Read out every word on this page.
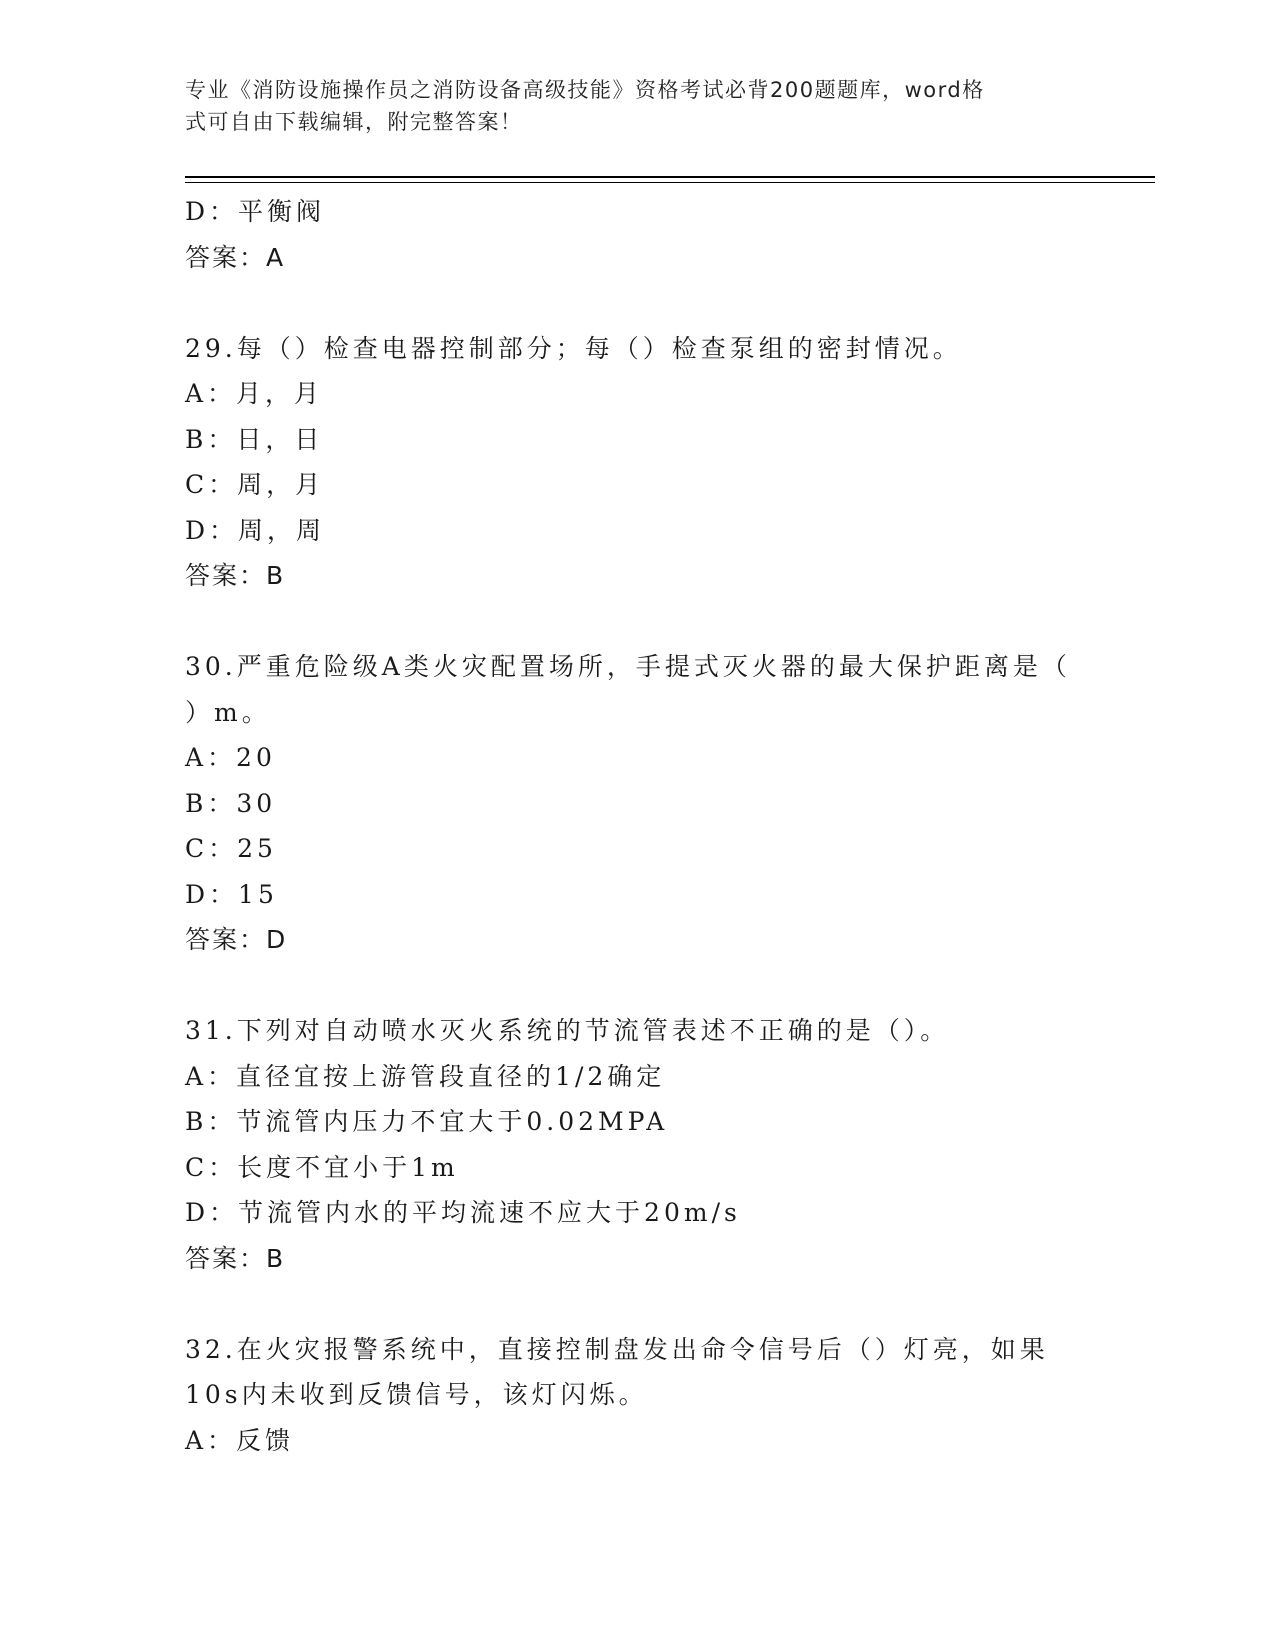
专业《消防设施操作员之消防设备高级技能》资格考试必背200题题库，word格
式可自由下载编辑，附完整答案！
D：平衡阀
答案：A
29.每（）检查电器控制部分；每（）检查泵组的密封情况。
A：月，月
B：日，日
C：周，月
D：周，周
答案：B
30.严重危险级A类火灾配置场所，手提式灭火器的最大保护距离是（
）m。
A：20
B：30
C：25
D：15
答案：D
31.下列对自动喷水灭火系统的节流管表述不正确的是（）。
A：直径宜按上游管段直径的1/2确定
B：节流管内压力不宜大于0.02MPA
C：长度不宜小于1m
D：节流管内水的平均流速不应大于20m/s
答案：B
32.在火灾报警系统中，直接控制盘发出命令信号后（）灯亮，如果
10s内未收到反馈信号，该灯闪烁。
A：反馈
